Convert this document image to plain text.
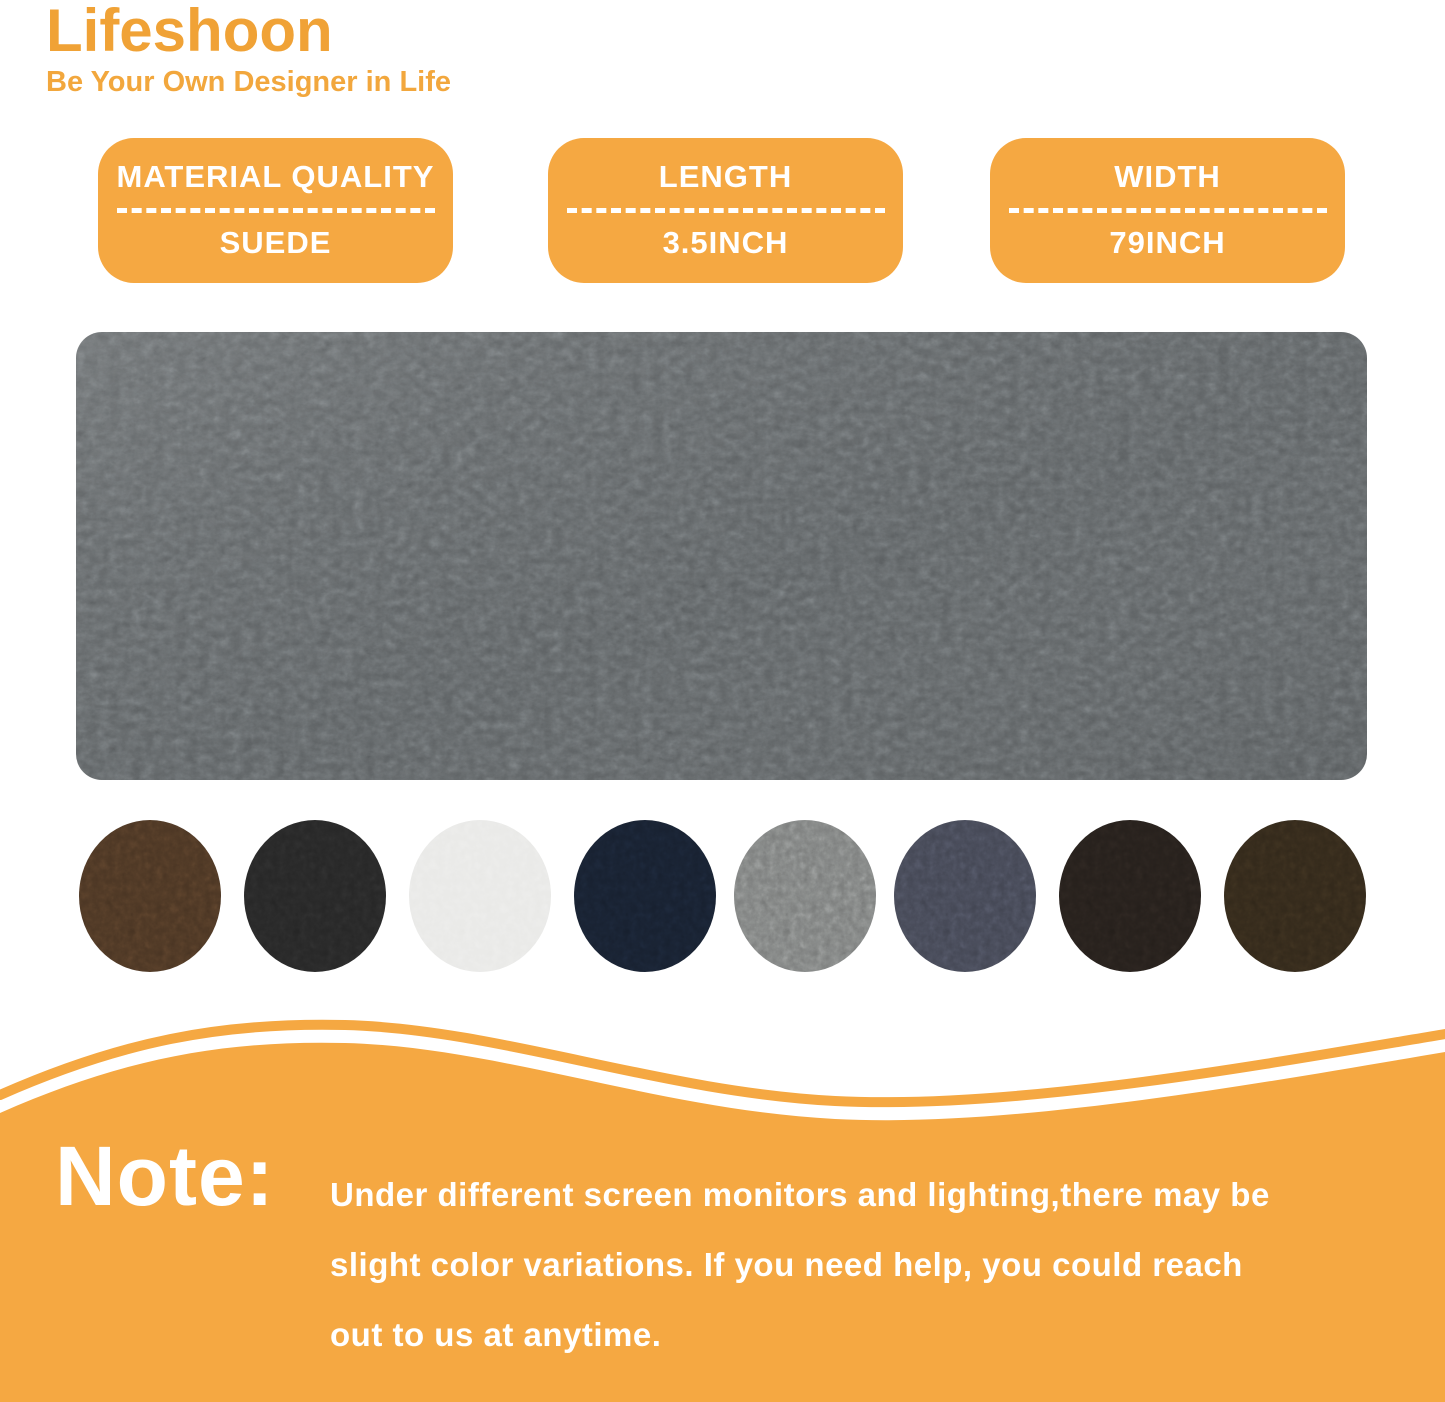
Lifeshoon
Be Your Own Designer in Life
MATERIAL QUALITY
SUEDE
LENGTH
3.5INCH
WIDTH
79INCH
Note: Under different screen monitors and lighting,there may be
slight color variations. If you need help, you could reach
out to us at anytime.
